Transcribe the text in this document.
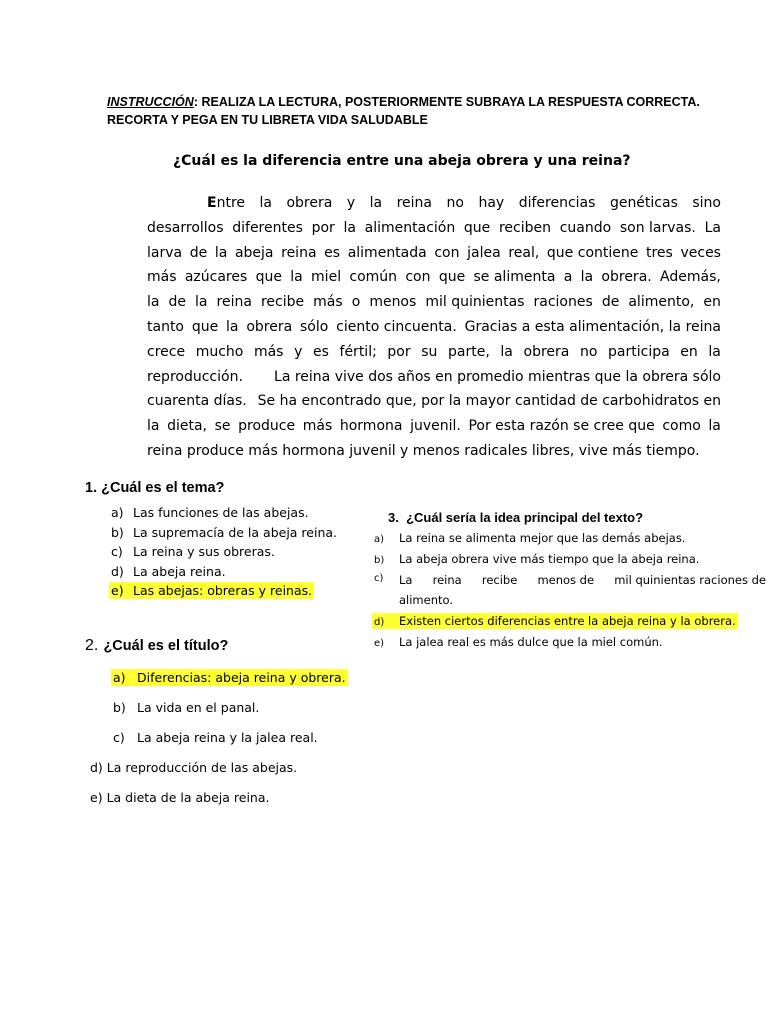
INSTRUCCIÓN: REALIZA LA LECTURA, POSTERIORMENTE SUBRAYA LA RESPUESTA CORRECTA.
RECORTA Y PEGA EN TU LIBRETA VIDA SALUDABLE
¿Cuál es la diferencia entre una abeja obrera y una reina?
Entre la obrera y la reina no hay diferencias genéticas sino
desarrollos diferentes por la alimentación que reciben cuando son larvas. La
larva de la abeja reina es alimentada con jalea real, que contiene tres veces
más azúcares que la miel común con que se alimenta a la obrera. Además,
la de la reina recibe más o menos mil quinientas raciones de alimento, en
tanto que la obrera sólo ciento cincuenta. Gracias a esta alimentación, la reina
crece mucho más y es fértil; por su parte, la obrera no participa en la
reproducción. La reina vive dos años en promedio mientras que la obrera sólo
cuarenta días. Se ha encontrado que, por la mayor cantidad de carbohidratos en
la dieta, se produce más hormona juvenil. Por esta razón se cree que como la
reina produce más hormona juvenil y menos radicales libres, vive más tiempo.
1. ¿Cuál es el tema?
a) Las funciones de las abejas.
b) La supremacía de la abeja reina.
c) La reina y sus obreras.
d) La abeja reina.
e) Las abejas: obreras y reinas.
2. ¿Cuál es el título?
a) Diferencias: abeja reina y obrera.
b) La vida en el panal.
c) La abeja reina y la jalea real.
d) La reproducción de las abejas.
e) La dieta de la abeja reina.
3. ¿Cuál sería la idea principal del texto?
a) La reina se alimenta mejor que las demás abejas.
b) La abeja obrera vive más tiempo que la abeja reina.
c)	La reina recibe menos de mil quinientas raciones de
alimento.
d) Existen ciertos diferencias entre la abeja reina y la obrera.
e) La jalea real es más dulce que la miel común.
